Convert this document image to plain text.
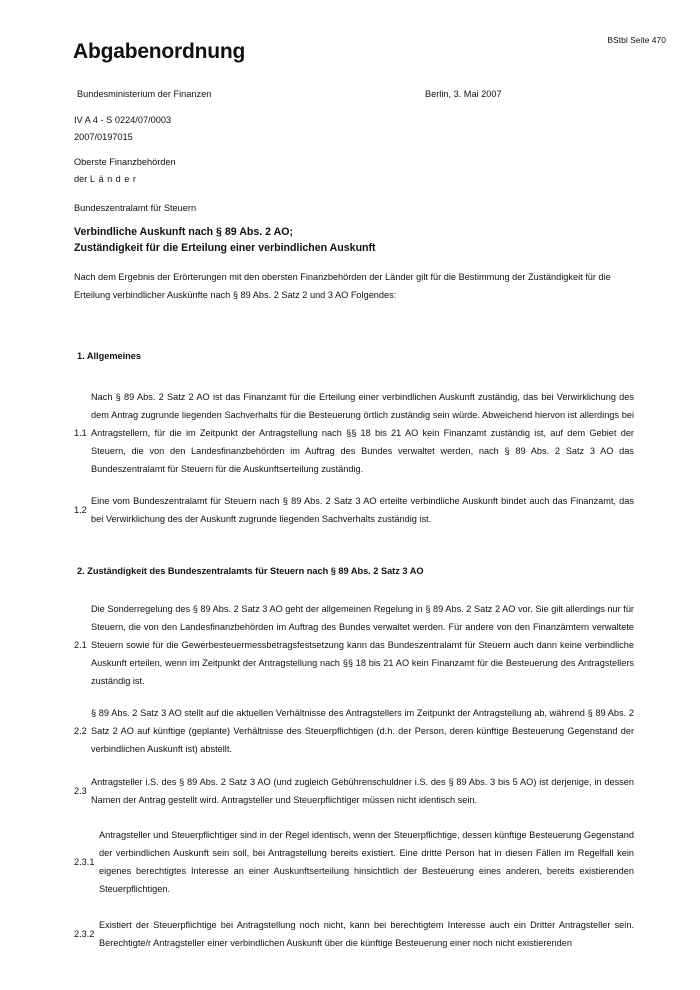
BStbl Seite 470
Abgabenordnung
Bundesministerium der Finanzen	Berlin, 3. Mai 2007
IV A 4 - S 0224/07/0003
2007/0197015
Oberste Finanzbehörden
der Länder
Bundeszentralamt für Steuern
Verbindliche Auskunft nach § 89 Abs. 2 AO;
Zuständigkeit für die Erteilung einer verbindlichen Auskunft
Nach dem Ergebnis der Erörterungen mit den obersten Finanzbehörden der Länder gilt für die Bestimmung der Zuständigkeit für die Erteilung verbindlicher Auskünfte nach § 89 Abs. 2 Satz 2 und 3 AO Folgendes:
1. Allgemeines
1.1
Nach § 89 Abs. 2 Satz 2 AO ist das Finanzamt für die Erteilung einer verbindlichen Auskunft zuständig, das bei Verwirklichung des dem Antrag zugrunde liegenden Sachverhalts für die Besteuerung örtlich zuständig sein würde. Abweichend hiervon ist allerdings bei Antragstellern, für die im Zeitpunkt der Antragstellung nach §§ 18 bis 21 AO kein Finanzamt zuständig ist, auf dem Gebiet der Steuern, die von den Landesfinanzbehörden im Auftrag des Bundes verwaltet werden, nach § 89 Abs. 2 Satz 3 AO das Bundeszentralamt für Steuern für die Auskunftserteilung zuständig.
1.2
Eine vom Bundeszentralamt für Steuern nach § 89 Abs. 2 Satz 3 AO erteilte verbindliche Auskunft bindet auch das Finanzamt, das bei Verwirklichung des der Auskunft zugrunde liegenden Sachverhalts zuständig ist.
2. Zuständigkeit des Bundeszentralamts für Steuern nach § 89 Abs. 2 Satz 3 AO
2.1
Die Sonderregelung des § 89 Abs. 2 Satz 3 AO geht der allgemeinen Regelung in § 89 Abs. 2 Satz 2 AO vor. Sie gilt allerdings nur für Steuern, die von den Landesfinanzbehörden im Auftrag des Bundes verwaltet werden. Für andere von den Finanzämtern verwaltete Steuern sowie für die Gewerbesteuermessbetragsfestsetzung kann das Bundeszentralamt für Steuern auch dann keine verbindliche Auskunft erteilen, wenn im Zeitpunkt der Antragstellung nach §§ 18 bis 21 AO kein Finanzamt für die Besteuerung des Antragstellers zuständig ist.
2.2
§ 89 Abs. 2 Satz 3 AO stellt auf die aktuellen Verhältnisse des Antragstellers im Zeitpunkt der Antragstellung ab, während § 89 Abs. 2 Satz 2 AO auf künftige (geplante) Verhältnisse des Steuerpflichtigen (d.h. der Person, deren künftige Besteuerung Gegenstand der verbindlichen Auskunft ist) abstellt.
2.3
Antragsteller i.S. des § 89 Abs. 2 Satz 3 AO (und zugleich Gebührenschuldner i.S. des § 89 Abs. 3 bis 5 AO) ist derjenige, in dessen Namen der Antrag gestellt wird. Antragsteller und Steuerpflichtiger müssen nicht identisch sein.
2.3.1
Antragsteller und Steuerpflichtiger sind in der Regel identisch, wenn der Steuerpflichtige, dessen künftige Besteuerung Gegenstand der verbindlichen Auskunft sein soll, bei Antragstellung bereits existiert. Eine dritte Person hat in diesen Fällen im Regelfall kein eigenes berechtigtes Interesse an einer Auskunftserteilung hinsichtlich der Besteuerung eines anderen, bereits existierenden Steuerpflichtigen.
2.3.2
Existiert der Steuerpflichtige bei Antragstellung noch nicht, kann bei berechtigtem Interesse auch ein Dritter Antragsteller sein. Berechtigte/r Antragsteller einer verbindlichen Auskunft über die künftige Besteuerung einer noch nicht existierenden
